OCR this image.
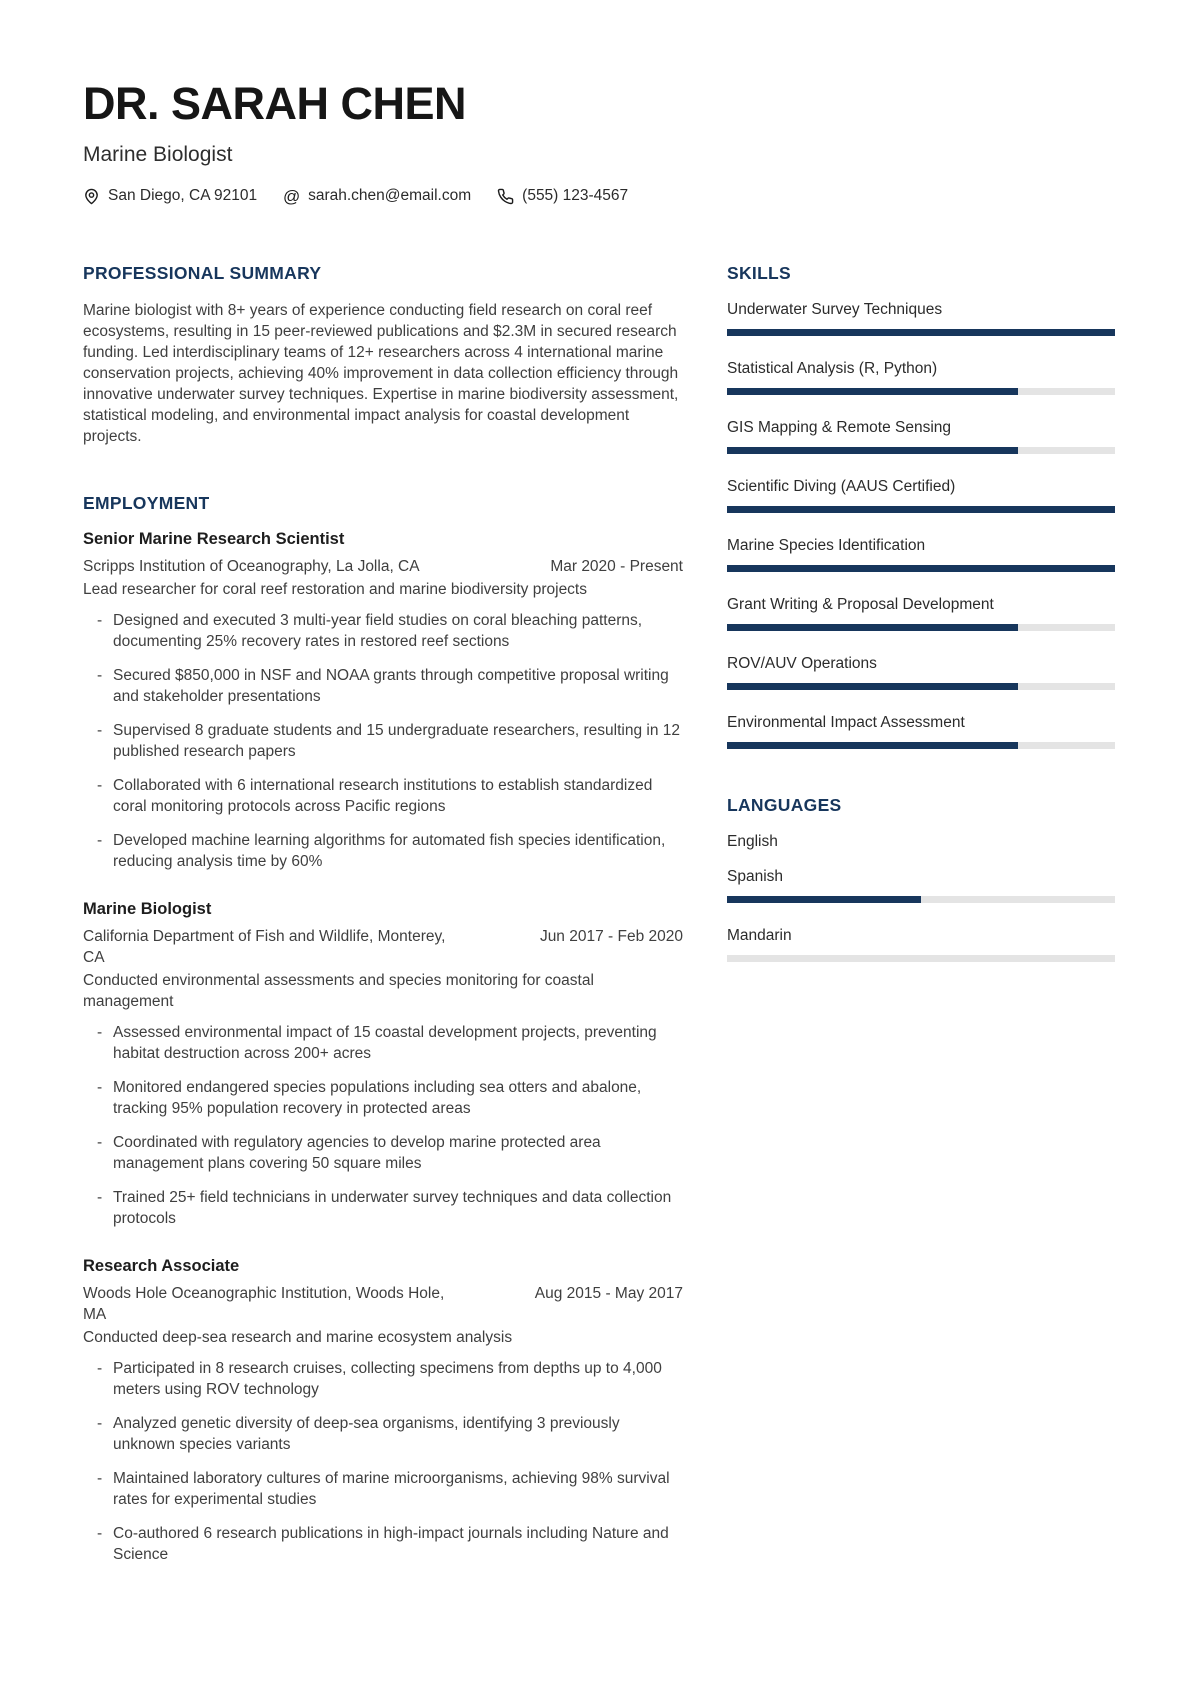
DR. SARAH CHEN
Marine Biologist
San Diego, CA 92101 @ sarah.chen@email.com	(555) 123-4567
PROFESSIONAL SUMMARY

Marine biologist with 8+ years of experience conducting field research on coral reef ecosystems, resulting in 15 peer-reviewed publications and $2.3M in secured research funding. Led interdisciplinary teams of 12+ researchers across 4 international marine conservation projects, achieving 40% improvement in data collection efficiency through innovative underwater survey techniques. Expertise in marine biodiversity assessment, statistical modeling, and environmental impact analysis for coastal development projects.

EMPLOYMENT
Senior Marine Research Scientist
Scripps Institution of Oceanography, La Jolla, CA	Mar 2020 - Present

Lead researcher for coral reef restoration and marine biodiversity projects

- Designed and executed 3 multi-year field studies on coral bleaching patterns, documenting 25% recovery rates in restored reef sections
- Secured $850,000 in NSF and NOAA grants through competitive proposal writing and stakeholder presentations
- Supervised 8 graduate students and 15 undergraduate researchers, resulting in 12 published research papers
- Collaborated with 6 international research institutions to establish standardized coral monitoring protocols across Pacific regions
- Developed machine learning algorithms for automated fish species identification, reducing analysis time by 60%
Marine Biologist
California Department of Fish and Wildlife, Monterey, CA
Jun 2017 - Feb 2020

Conducted environmental assessments and species monitoring for coastal management

- Assessed environmental impact of 15 coastal development projects, preventing habitat destruction across 200+ acres
- Monitored endangered species populations including sea otters and abalone, tracking 95% population recovery in protected areas
- Coordinated with regulatory agencies to develop marine protected area management plans covering 50 square miles
- Trained 25+ field technicians in underwater survey techniques and data collection protocols
Research Associate
Woods Hole Oceanographic Institution, Woods Hole, MA
Aug 2015 - May 2017

Conducted deep-sea research and marine ecosystem analysis

- Participated in 8 research cruises, collecting specimens from depths up to 4,000 meters using ROV technology
- Analyzed genetic diversity of deep-sea organisms, identifying 3 previously unknown species variants
- Maintained laboratory cultures of marine microorganisms, achieving 98% survival rates for experimental studies
- Co-authored 6 research publications in high-impact journals including Nature and Science
SKILLS
Underwater Survey Techniques
Statistical Analysis (R, Python)
GIS Mapping & Remote Sensing
Scientific Diving (AAUS Certified)
Marine Species Identification
Grant Writing & Proposal Development
ROV/AUV Operations
Environmental Impact Assessment
LANGUAGES
English
Spanish
Mandarin
